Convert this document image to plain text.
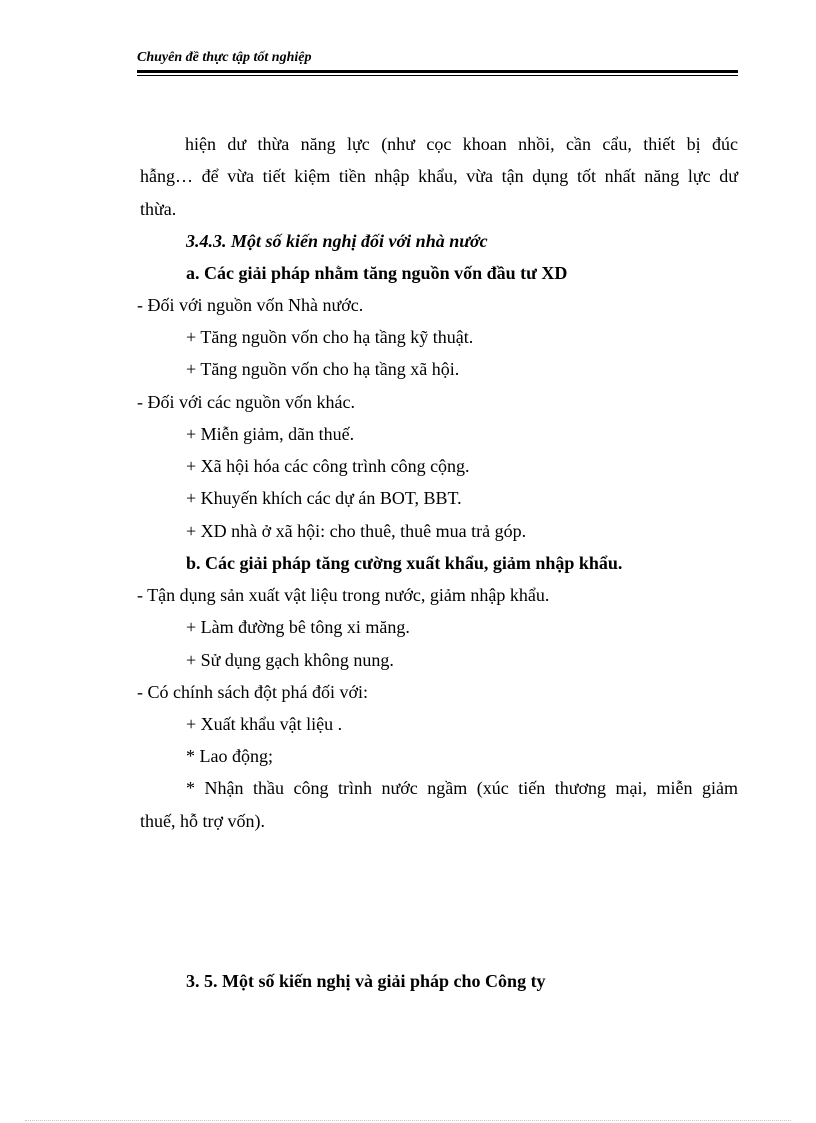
Chuyên đề thực tập tốt nghiệp
hiện dư thừa năng lực (như cọc khoan nhồi, cần cẩu, thiết bị đúc
hẫng… để vừa tiết kiệm tiền nhập khẩu, vừa tận dụng tốt nhất năng lực dư
thừa.
3.4.3. Một số kiến nghị đối với nhà nước
a. Các giải pháp nhằm tăng nguồn vốn đầu tư XD
- Đối với nguồn vốn Nhà nước.
+ Tăng nguồn vốn cho hạ tầng kỹ thuật.
+ Tăng nguồn vốn cho hạ tầng xã hội.
- Đối với các nguồn vốn khác.
+ Miễn giảm, dãn thuế.
+ Xã hội hóa các công trình công cộng.
+ Khuyến khích các dự án BOT, BBT.
+ XD nhà ở xã hội: cho thuê, thuê mua trả góp.
b. Các giải pháp tăng cường xuất khẩu, giảm nhập khẩu.
- Tận dụng sản xuất vật liệu trong nước, giảm nhập khẩu.
+ Làm đường bê tông xi măng.
+ Sử dụng gạch không nung.
- Có chính sách đột phá đối với:
+ Xuất khẩu vật liệu .
* Lao động;
* Nhận thầu công trình nước ngầm (xúc tiến thương mại, miễn giảm
thuế, hỗ trợ vốn).
3. 5. Một số kiến nghị và giải pháp cho Công ty
